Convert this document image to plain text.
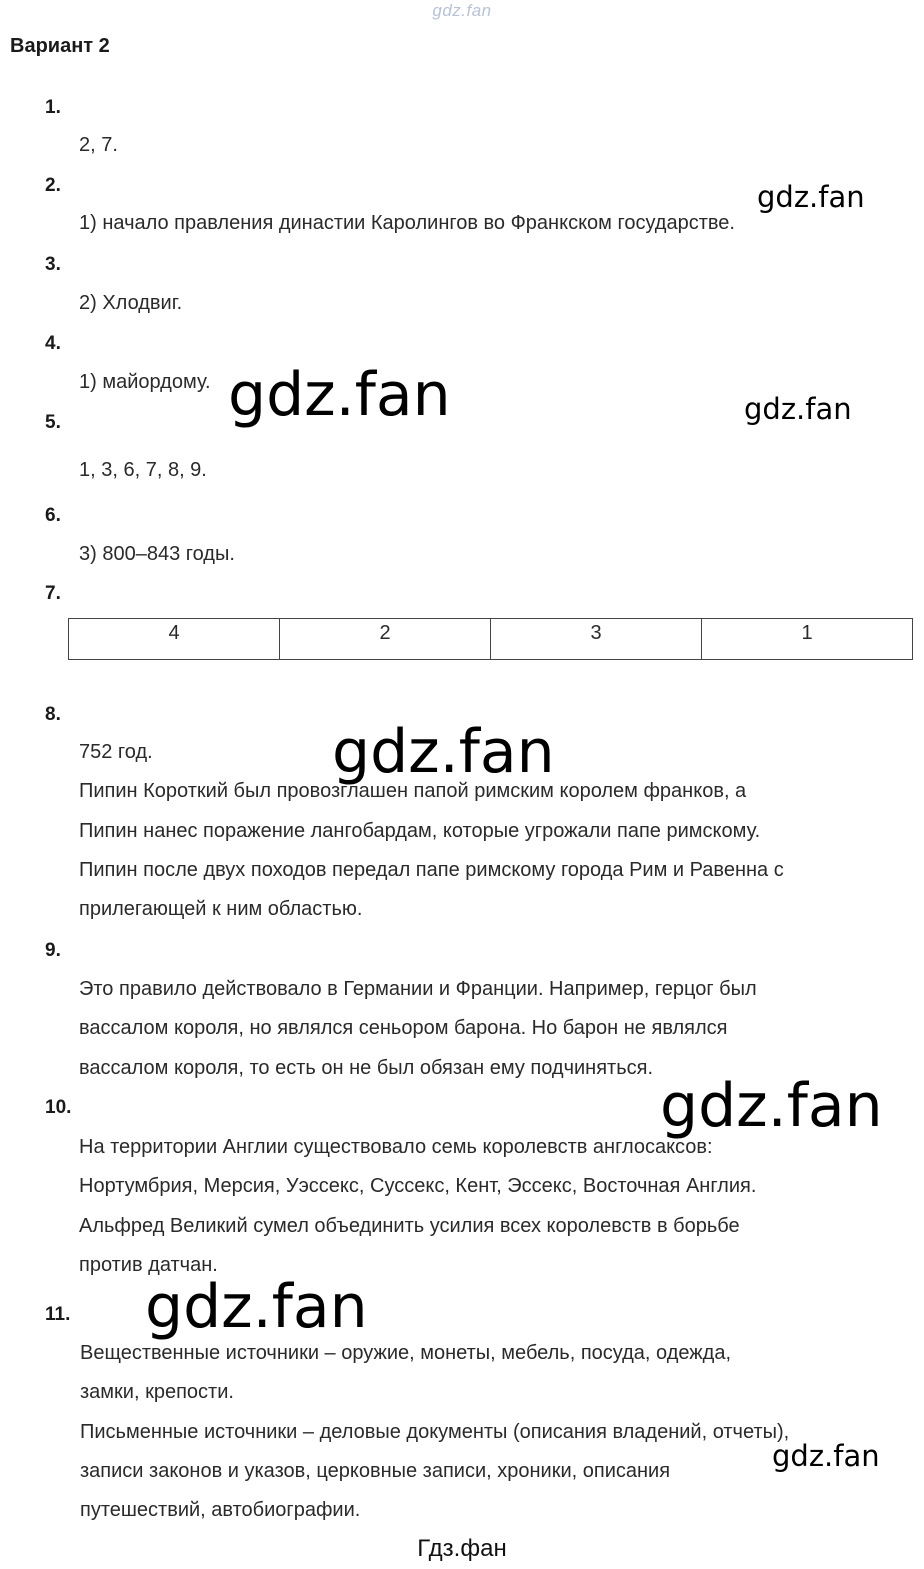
gdz.fan
Вариант 2
1.
2, 7.
2.
1) начало правления династии Каролингов во Франкском государстве.
3.
2) Хлодвиг.
4.
1) майордому.
5.
1, 3, 6, 7, 8, 9.
6.
3) 800–843 годы.
7.
4	2	3	1
8.
752 год.
Пипин Короткий был провозглашен папой римским королем франков, а
Пипин нанес поражение лангобардам, которые угрожали папе римскому.
Пипин после двух походов передал папе римскому города Рим и Равенна с
прилегающей к ним областью.
9.
Это правило действовало в Германии и Франции. Например, герцог был
вассалом короля, но являлся сеньором барона. Но барон не являлся
вассалом короля, то есть он не был обязан ему подчиняться.
10.
На территории Англии существовало семь королевств англосаксов:
Нортумбрия, Мерсия, Уэссекс, Суссекс, Кент, Эссекс, Восточная Англия.
Альфред Великий сумел объединить усилия всех королевств в борьбе
против датчан.
11.
Вещественные источники – оружие, монеты, мебель, посуда, одежда,
замки, крепости.
Письменные источники – деловые документы (описания владений, отчеты),
записи законов и указов, церковные записи, хроники, описания
путешествий, автобиографии.
gdz.fan
gdz.fan	gdz.fan
gdz.fan
gdz.fan
gdz.fan
gdz.fan
Гдз.фан
